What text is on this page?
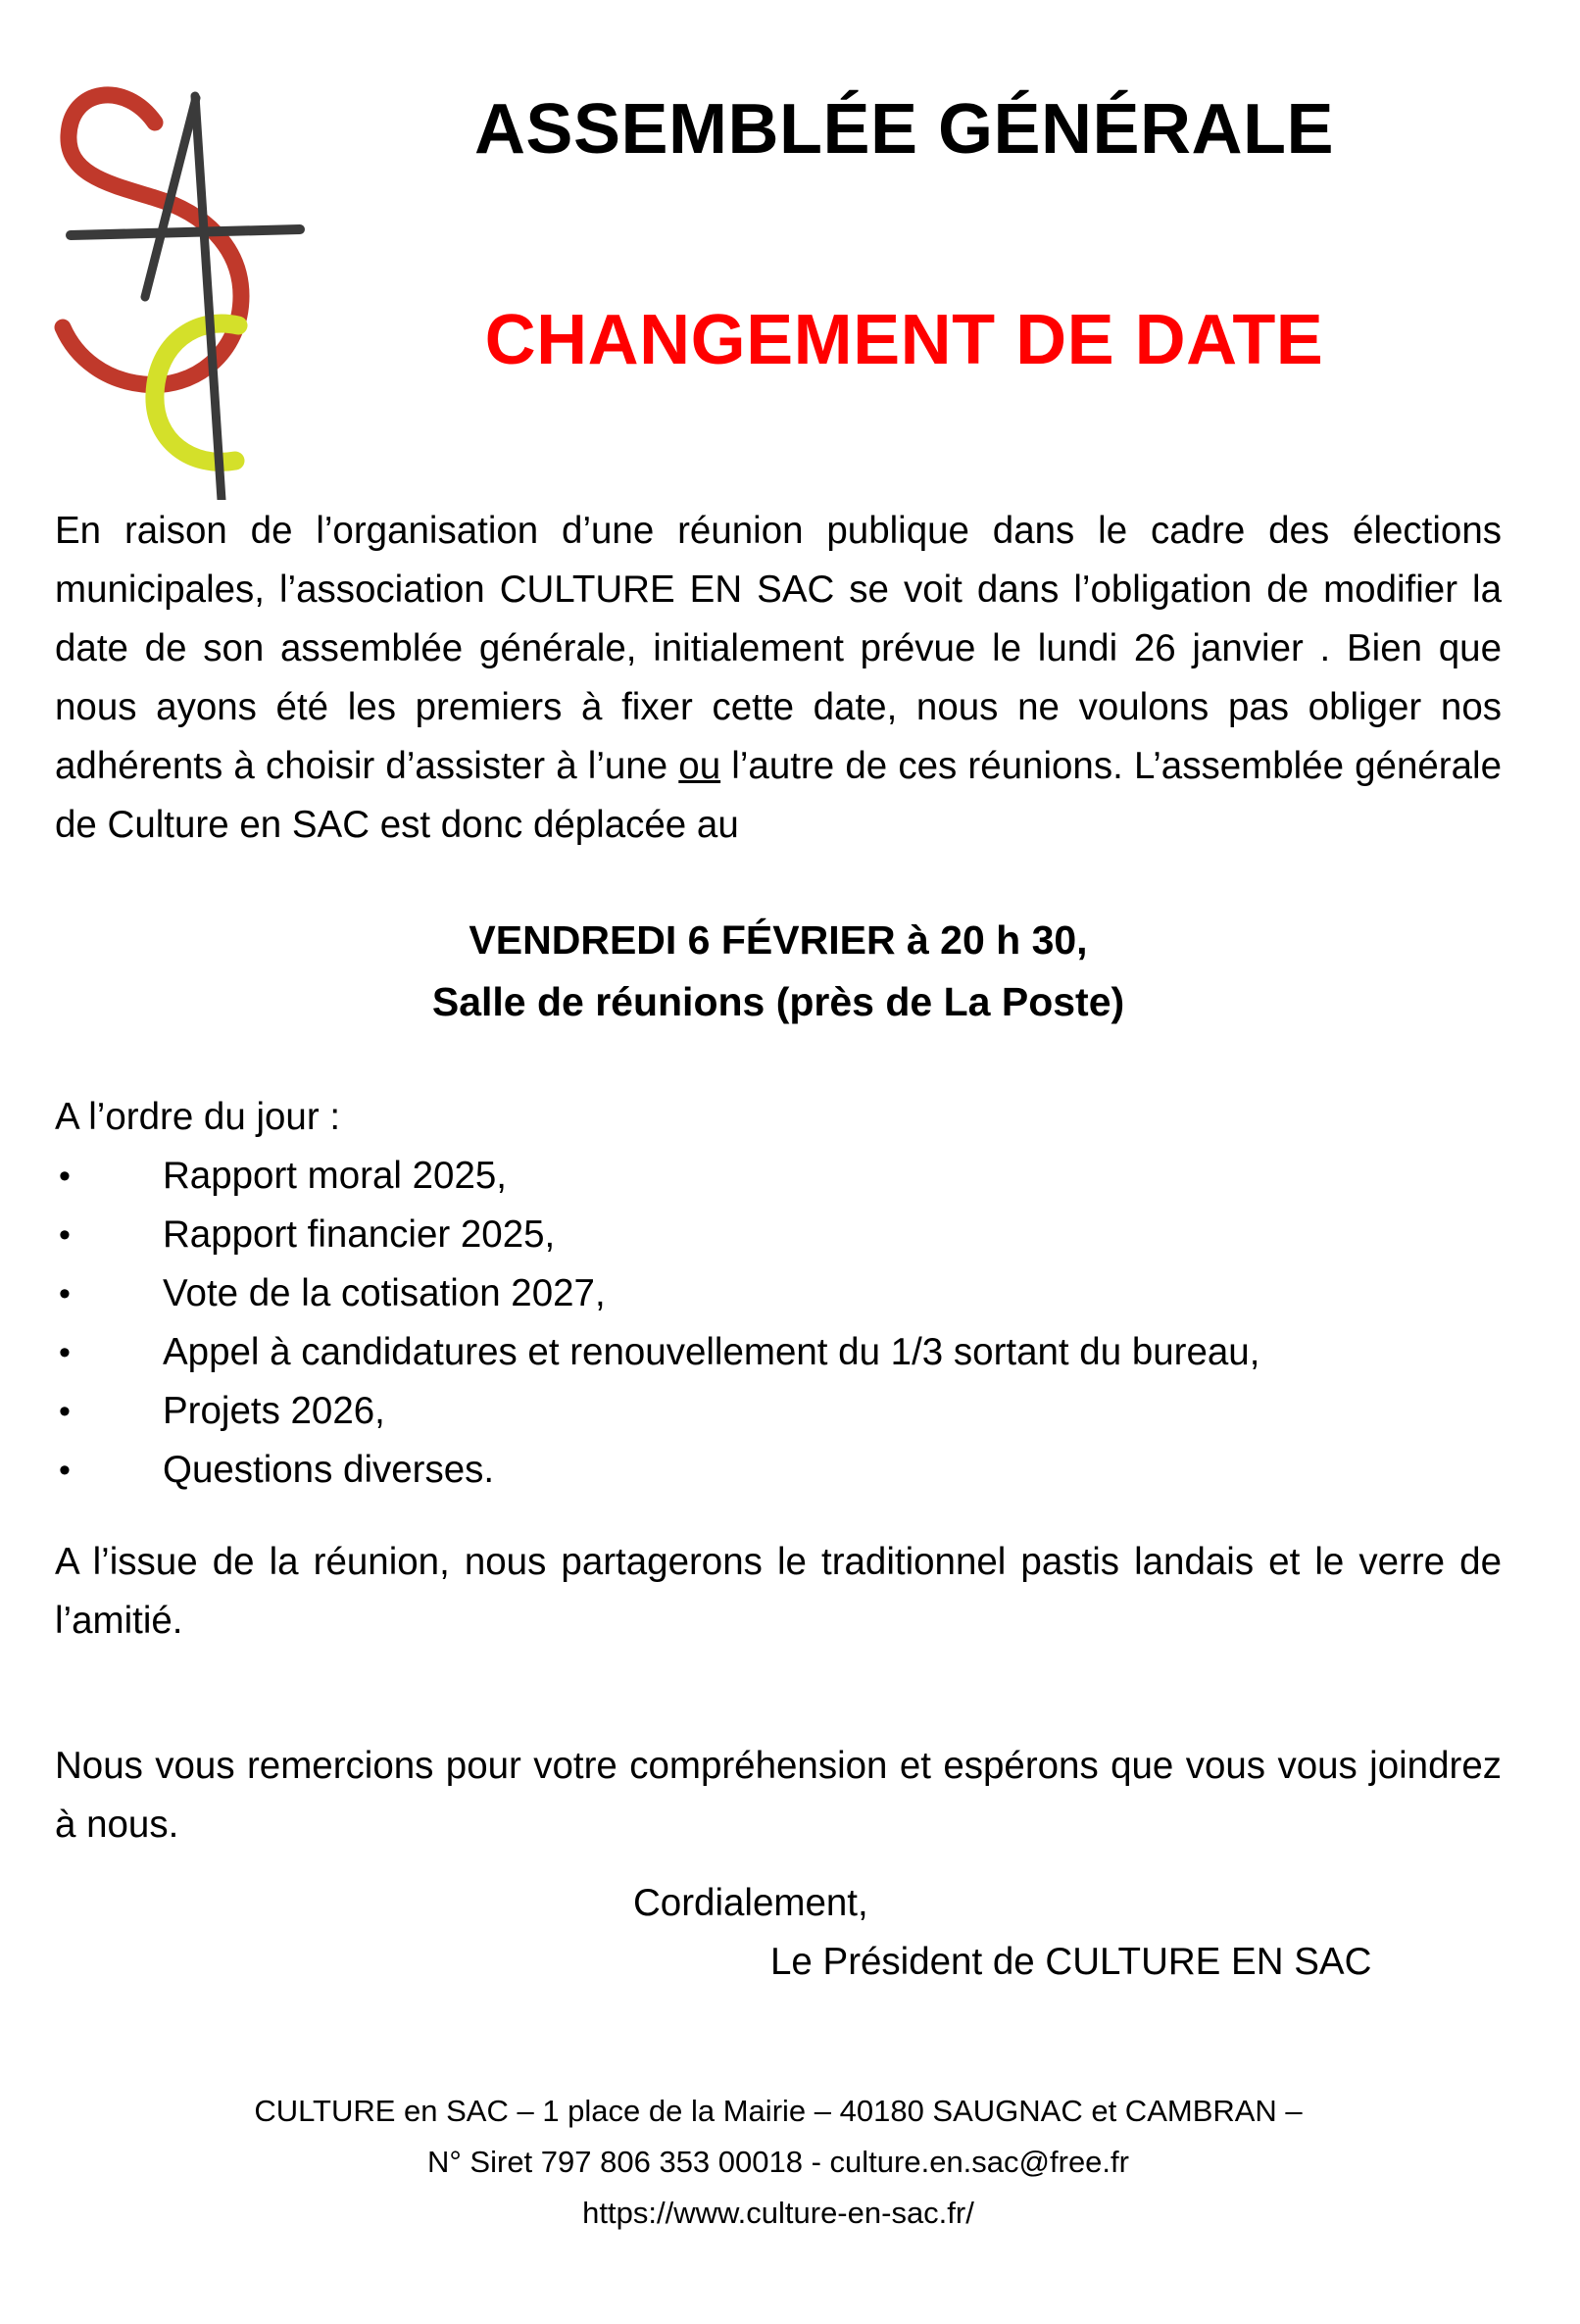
ASSEMBLÉE GÉNÉRALE
CHANGEMENT DE DATE

En raison de l’organisation d’une réunion publique dans le cadre des élections municipales, l’association CULTURE EN SAC se voit dans l’obligation de modifier la date de son assemblée générale, initialement prévue le lundi 26 janvier . Bien que nous ayons été les premiers à fixer cette date, nous ne voulons pas obliger nos adhérents à choisir d’assister à l’une ou l’autre de ces réunions. L’assemblée générale de Culture en SAC est donc déplacée au

VENDREDI 6 FÉVRIER à 20 h 30,
Salle de réunions (près de La Poste)

A l’ordre du jour :

• Rapport moral 2025,
• Rapport financier 2025,
• Vote de la cotisation 2027,
• Appel à candidatures et renouvellement du 1/3 sortant du bureau,
• Projets 2026,
• Questions diverses.

A l’issue de la réunion, nous partagerons le traditionnel pastis landais et le verre de l’amitié.

Nous vous remercions pour votre compréhension et espérons que vous vous joindrez à nous.

Cordialement,
Le Président de CULTURE EN SAC
CULTURE en SAC – 1 place de la Mairie – 40180 SAUGNAC et CAMBRAN –
N° Siret 797 806 353 00018 - culture.en.sac@free.fr
https://www.culture-en-sac.fr/
